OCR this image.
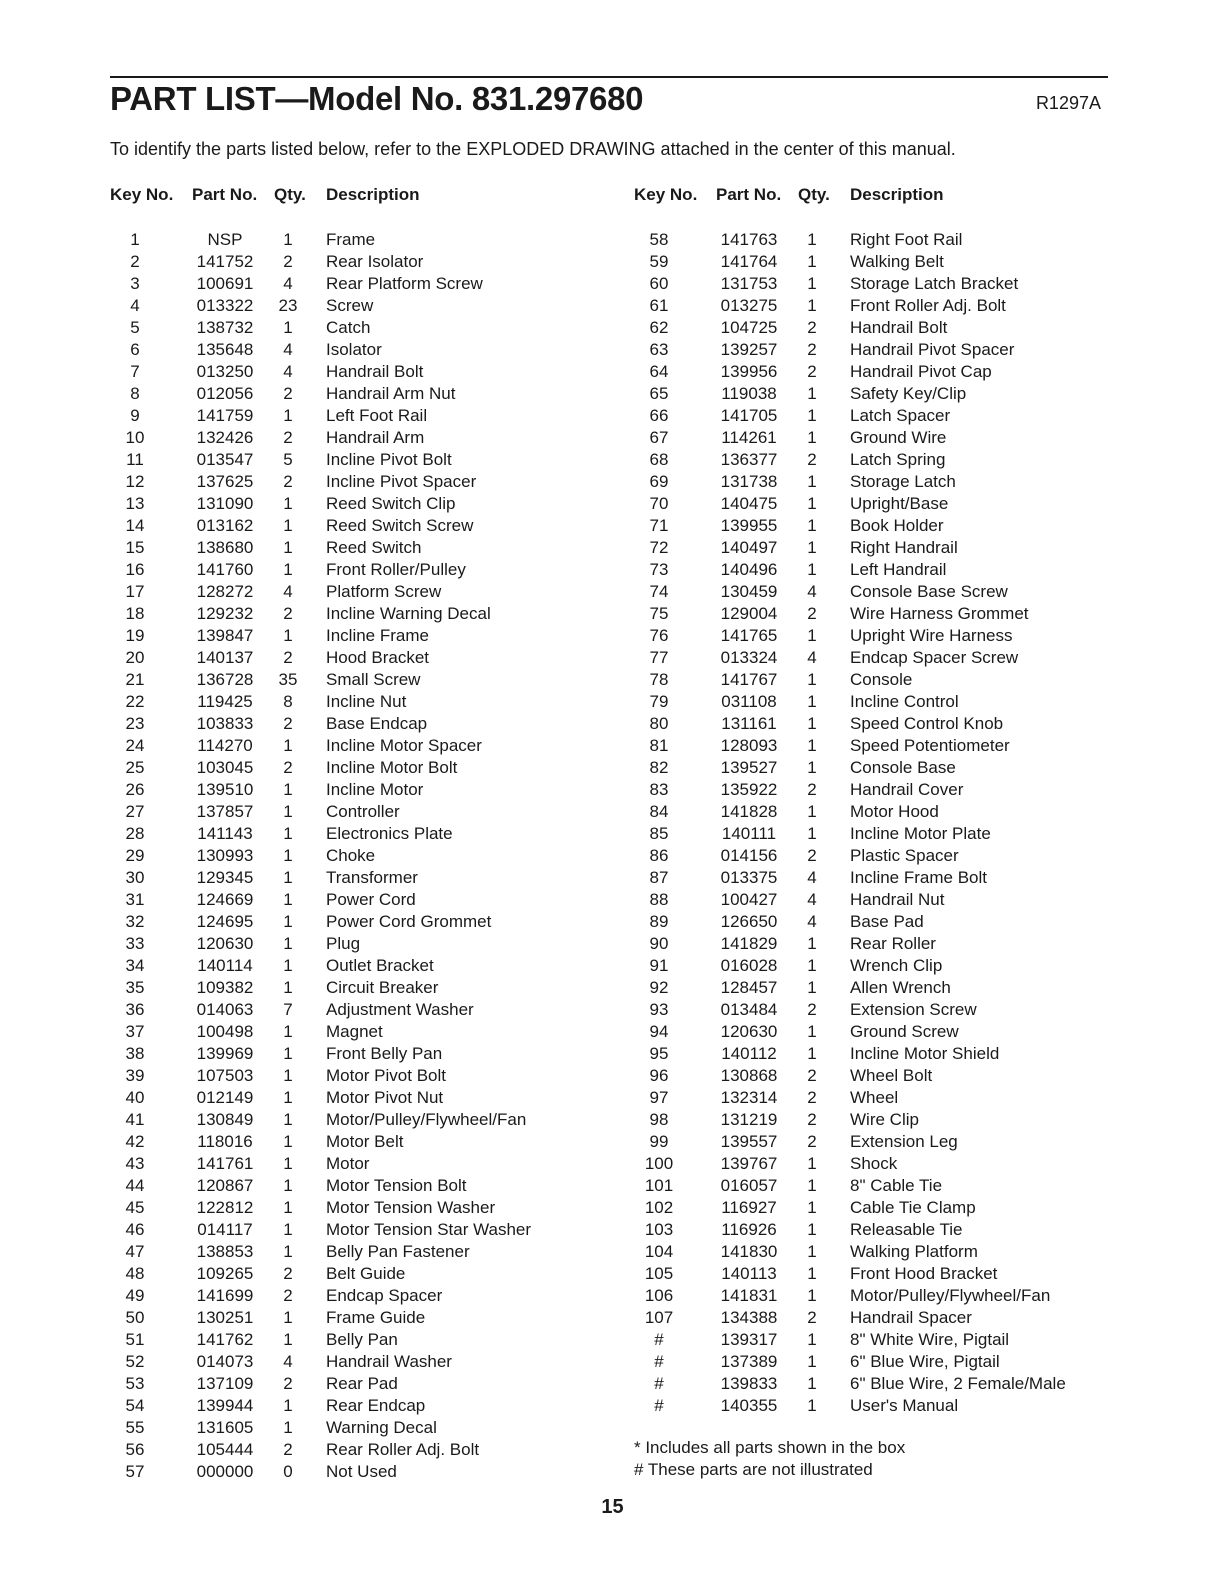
PART LIST—Model No. 831.297680	R1297A
To identify the parts listed below, refer to the EXPLODED DRAWING attached in the center of this manual.
Key No. Part No. Qty. Description
1	NSP	1	Frame
2	141752	2	Rear Isolator
3	100691	4	Rear Platform Screw
4	013322 23 Screw
5	138732	1	Catch
6	135648	4	Isolator
7	013250	4	Handrail Bolt
8	012056	2	Handrail Arm Nut
9	141759	1	Left Foot Rail
10	132426	2	Handrail Arm
11	013547	5	Incline Pivot Bolt
12	137625	2	Incline Pivot Spacer
13	131090	1	Reed Switch Clip
14	013162	1	Reed Switch Screw
15	138680	1	Reed Switch
16	141760	1	Front Roller/Pulley
17	128272	4	Platform Screw
18	129232	2	Incline Warning Decal
19	139847	1	Incline Frame
20	140137	2	Hood Bracket
21	136728 35 Small Screw
22	119425	8	Incline Nut
23	103833	2	Base Endcap
24	114270	1	Incline Motor Spacer
25	103045	2	Incline Motor Bolt
26	139510	1	Incline Motor
27	137857	1	Controller
28	141143	1	Electronics Plate
29	130993	1	Choke
30	129345	1	Transformer
31	124669	1	Power Cord
32	124695	1	Power Cord Grommet
33	120630	1	Plug
34	140114	1	Outlet Bracket
35	109382	1	Circuit Breaker
36	014063	7	Adjustment Washer
37	100498	1	Magnet
38	139969	1	Front Belly Pan
39	107503	1	Motor Pivot Bolt
40	012149	1	Motor Pivot Nut
41	130849	1	Motor/Pulley/Flywheel/Fan
42	118016	1	Motor Belt
43	141761	1	Motor
44	120867	1	Motor Tension Bolt
45	122812	1	Motor Tension Washer
46	014117	1	Motor Tension Star Washer
47	138853	1	Belly Pan Fastener
48	109265	2	Belt Guide
49	141699	2	Endcap Spacer
50	130251	1	Frame Guide
51	141762	1	Belly Pan
52	014073	4	Handrail Washer
53	137109	2	Rear Pad
54	139944	1	Rear Endcap
55	131605	1	Warning Decal
56	105444	2	Rear Roller Adj. Bolt
57	000000	0	Not Used
Key No. Part No. Qty. Description
58	141763	1	Right Foot Rail
59	141764	1	Walking Belt
60	131753	1	Storage Latch Bracket
61	013275	1	Front Roller Adj. Bolt
62	104725	2	Handrail Bolt
63	139257	2	Handrail Pivot Spacer
64	139956	2	Handrail Pivot Cap
65	119038	1	Safety Key/Clip
66	141705	1	Latch Spacer
67	114261	1	Ground Wire
68	136377	2	Latch Spring
69	131738	1	Storage Latch
70	140475	1	Upright/Base
71	139955	1	Book Holder
72	140497	1	Right Handrail
73	140496	1	Left Handrail
74	130459	4	Console Base Screw
75	129004	2	Wire Harness Grommet
76	141765	1	Upright Wire Harness
77	013324	4	Endcap Spacer Screw
78	141767	1	Console
79	031108	1	Incline Control
80	131161	1	Speed Control Knob
81	128093	1	Speed Potentiometer
82	139527	1	Console Base
83	135922	2	Handrail Cover
84	141828	1	Motor Hood
85	140111	1	Incline Motor Plate
86	014156	2	Plastic Spacer
87	013375	4	Incline Frame Bolt
88	100427	4	Handrail Nut
89	126650	4	Base Pad
90	141829	1	Rear Roller
91	016028	1	Wrench Clip
92	128457	1	Allen Wrench
93	013484	2	Extension Screw
94	120630	1	Ground Screw
95	140112	1	Incline Motor Shield
96	130868	2	Wheel Bolt
97	132314	2	Wheel
98	131219	2	Wire Clip
99	139557	2	Extension Leg
100	139767	1	Shock
101	016057	1	8" Cable Tie
102	116927	1	Cable Tie Clamp
103	116926	1	Releasable Tie
104	141830	1	Walking Platform
105	140113	1	Front Hood Bracket
106	141831	1	Motor/Pulley/Flywheel/Fan
107	134388	2	Handrail Spacer
#	139317	1	8" White Wire, Pigtail
#	137389	1	6" Blue Wire, Pigtail
#	139833	1	6" Blue Wire, 2 Female/Male
#	140355	1	User's Manual
* Includes all parts shown in the box
# These parts are not illustrated
15
